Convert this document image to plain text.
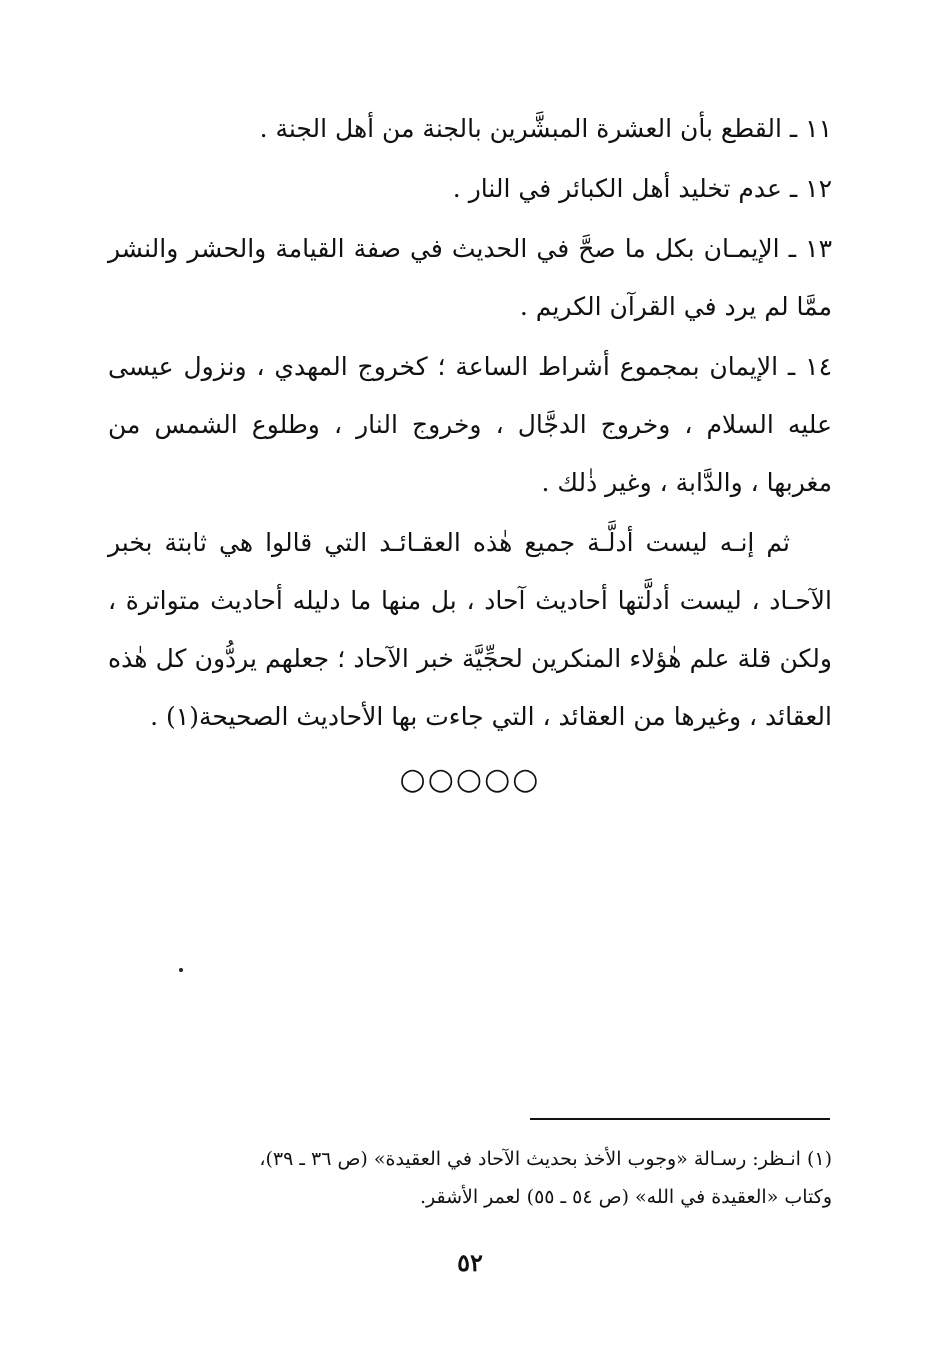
١١ ـ القطع بأن العشرة المبشَّرين بالجنة من أهل الجنة .

١٢ ـ عدم تخليد أهل الكبائر في النار .

١٣ ـ الإيمـان بكل ما صحَّ في الحديث في صفة القيامة والحشر والنشر ممَّا لم يرد في القرآن الكريم .

١٤ ـ الإيمان بمجموع أشراط الساعة ؛ كخروج المهدي ، ونزول عيسى عليه السلام ، وخروج الدجَّال ، وخروج النار ، وطلوع الشمس من مغربها ، والدَّابة ، وغير ذٰلك .

ثم إنـه ليست أدلَّـة جميع هٰذه العقـائـد التي قالوا هي ثابتة بخبر الآحـاد ، ليست أدلَّتها أحاديث آحاد ، بل منها ما دليله أحاديث متواترة ، ولكن قلة علم هٰؤلاء المنكرين لحجِّيَّة خبر الآحاد ؛ جعلهم يردُّون كل هٰذه العقائد ، وغيرها من العقائد ، التي جاءت بها الأحاديث الصحيحة(١) .

○○○○○

(١) انـظر: رسـالة «وجوب الأخذ بحديث الآحاد في العقيدة» (ص ٣٦ ـ ٣٩)،

وكتاب «العقيدة في الله» (ص ٥٤ ـ ٥٥) لعمر الأشقر.

٥٢
